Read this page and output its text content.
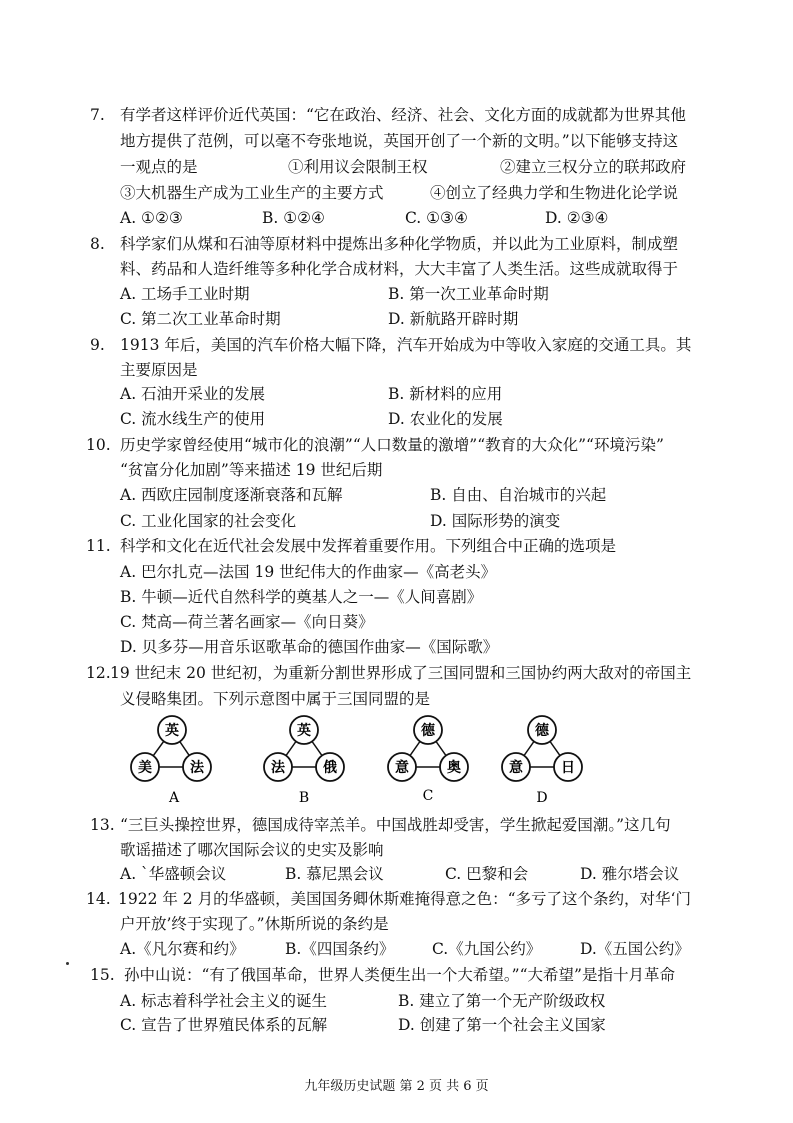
7. 有学者这样评价近代英国：“它在政治、经济、社会、文化方面的成就都为世界其他
地方提供了范例，可以毫不夸张地说，英国开创了一个新的文明。”以下能够支持这
一观点的是	①利用议会限制王权	②建立三权分立的联邦政府
③大机器生产成为工业生产的主要方式	④创立了经典力学和生物进化论学说
A. ①②③	B. ①②④	C. ①③④	D. ②③④
8. 科学家们从煤和石油等原材料中提炼出多种化学物质，并以此为工业原料，制成塑
料、药品和人造纤维等多种化学合成材料，大大丰富了人类生活。这些成就取得于
A. 工场手工业时期	B. 第一次工业革命时期
C. 第二次工业革命时期	D. 新航路开辟时期
9. 1913 年后，美国的汽车价格大幅下降，汽车开始成为中等收入家庭的交通工具。其
主要原因是
A. 石油开采业的发展	B. 新材料的应用
C. 流水线生产的使用	D. 农业化的发展
10. 历史学家曾经使用“城市化的浪潮”“人口数量的激增”“教育的大众化”“环境污染”
“贫富分化加剧”等来描述 19 世纪后期
A. 西欧庄园制度逐渐衰落和瓦解	B. 自由、自治城市的兴起
C. 工业化国家的社会变化	D. 国际形势的演变
11. 科学和文化在近代社会发展中发挥着重要作用。下列组合中正确的选项是
A. 巴尔扎克—法国 19 世纪伟大的作曲家—《高老头》
B. 牛顿—近代自然科学的奠基人之一—《人间喜剧》
C. 梵高—荷兰著名画家—《向日葵》
D. 贝多芬—用音乐讴歌革命的德国作曲家—《国际歌》
12. 19 世纪末 20 世纪初，为重新分割世界形成了三国同盟和三国协约两大敌对的帝国主
义侵略集团。下列示意图中属于三国同盟的是
英
美	法
A
英
法	俄
B
德
意	奥
C
德
意	日
D
13. “三巨头操控世界，德国成待宰羔羊。中国战胜却受害，学生掀起爱国潮。”这几句
歌谣描述了哪次国际会议的史实及影响
A. `华盛顿会议	B. 慕尼黑会议	C. 巴黎和会	D. 雅尔塔会议
14. 1922 年 2 月的华盛顿，美国国务卿休斯难掩得意之色：“多亏了这个条约，对华‘门
户开放’终于实现了。”休斯所说的条约是
A.《凡尔赛和约》	B.《四国条约》 C.《九国公约》	D.《五国公约》
15. 孙中山说：“有了俄国革命，世界人类便生出一个大希望。”“大希望”是指十月革命
A. 标志着科学社会主义的诞生	B. 建立了第一个无产阶级政权
C. 宣告了世界殖民体系的瓦解	D. 创建了第一个社会主义国家
九年级历史试题 第 2 页 共 6 页
